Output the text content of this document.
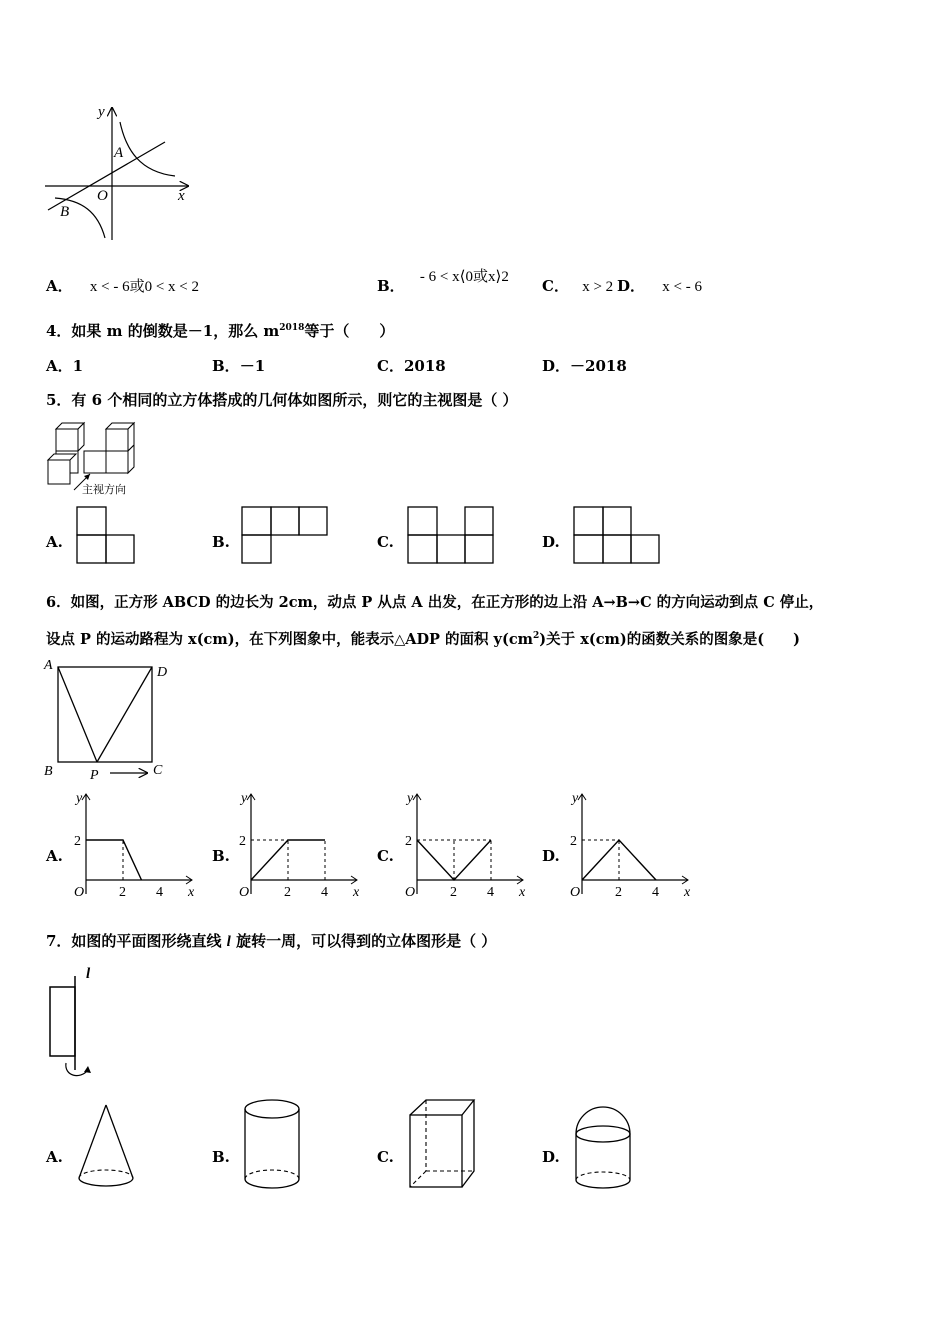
y
x
A
B
O
A． x < - 6或0 < x < 2	B． - 6 < x⟨0或x⟩2 C． x > 2 D． x < - 6
4．如果 m 的倒数是－1，那么 $m^{2018}$等于（　　）
A．1	B．－1	C．2018	D．－2018
5．有 6 个相同的立方体搭成的几何体如图所示，则它的主视图是（ ）
主视方向
A.	B.	C.	D.
6．如图，正方形 ABCD 的边长为 2cm，动点 P 从点 A 出发，在正方形的边上沿 A→B→C 的方向运动到点 C 停止，
设点 P 的运动路程为 x(cm)，在下列图象中，能表示△ADP 的面积 $y(cm^2)$关于 x(cm)的函数关系的图象是(　　)
A	D
B	C
P
A.	B.	C.	D.
y
x
O
2
2 4
y
x
O
2
2 4
y
x
O
2
2 4
y
x
O
2
2 4
7．如图的平面图形绕直线 l 旋转一周，可以得到的立体图形是（ ）
l
A.	B.	C.	D.
